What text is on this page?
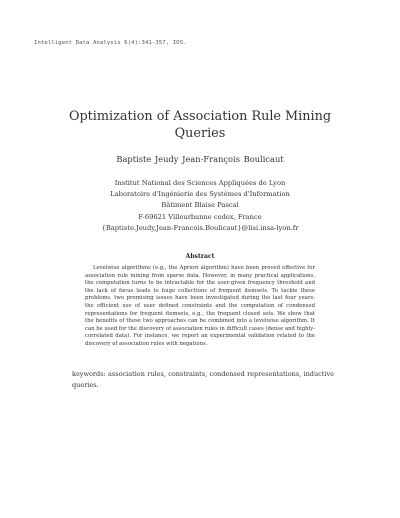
Intelligent Data Analysis 6(4):341-357, IOS.
Optimization of Association Rule Mining Queries
Baptiste Jeudy Jean-François Boulicaut
Institut National des Sciences Appliquées de Lyon
Laboratoire d'Ingénierie des Systèmes d'Information
Bâtiment Blaise Pascal
F-69621 Villeurbanne cedex, France
{Baptiste.Jeudy,Jean-Francois.Boulicaut}@lisi.insa-lyon.fr
Abstract
Levelwise algorithms (e.g., the Apriori algorithm) have been proved effective for association rule mining from sparse data. However, in many practical applications, the computation turns to be intractable for the user-given frequency threshold and the lack of focus leads to huge collections of frequent itemsets. To tackle these problems, two promising issues have been investigated during the last four years: the efficient use of user defined constraints and the computation of condensed representations for frequent itemsets, e.g., the frequent closed sets. We show that the benefits of these two approaches can be combined into a levelwise algorithm. It can be used for the discovery of association rules in difficult cases (dense and highly-correlated data). For instance, we report an experimental validation related to the discovery of association rules with negations.
keywords: association rules, constraints, condensed representations, inductive queries.
